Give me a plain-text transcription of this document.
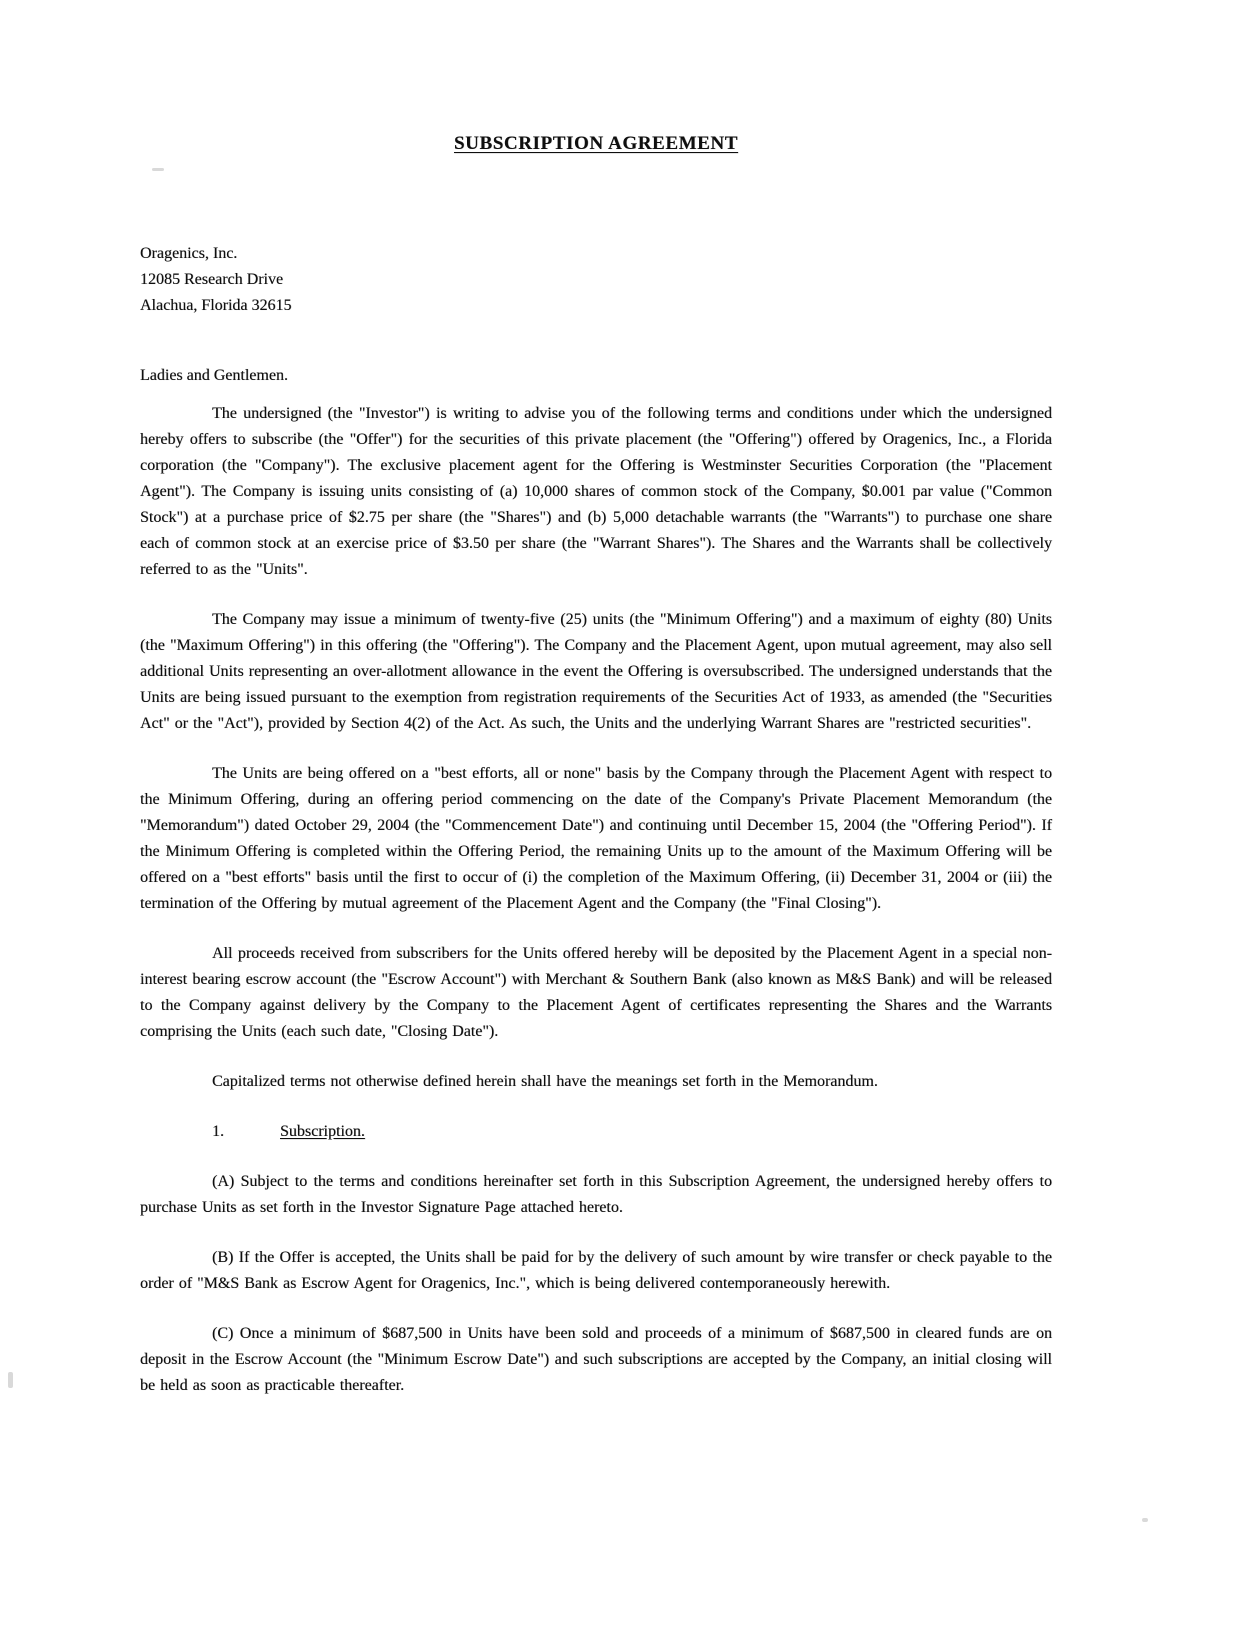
SUBSCRIPTION AGREEMENT
Oragenics, Inc.
12085 Research Drive
Alachua, Florida 32615

Ladies and Gentlemen.

The undersigned (the "Investor") is writing to advise you of the following terms and conditions under which the undersigned hereby offers to subscribe (the "Offer") for the securities of this private placement (the "Offering") offered by Oragenics, Inc., a Florida corporation (the "Company"). The exclusive placement agent for the Offering is Westminster Securities Corporation (the "Placement Agent"). The Company is issuing units consisting of (a) 10,000 shares of common stock of the Company, $0.001 par value ("Common Stock") at a purchase price of $2.75 per share (the "Shares") and (b) 5,000 detachable warrants (the "Warrants") to purchase one share each of common stock at an exercise price of $3.50 per share (the "Warrant Shares"). The Shares and the Warrants shall be collectively referred to as the "Units".

The Company may issue a minimum of twenty-five (25) units (the "Minimum Offering") and a maximum of eighty (80) Units (the "Maximum Offering") in this offering (the "Offering"). The Company and the Placement Agent, upon mutual agreement, may also sell additional Units representing an over-allotment allowance in the event the Offering is oversubscribed. The undersigned understands that the Units are being issued pursuant to the exemption from registration requirements of the Securities Act of 1933, as amended (the "Securities Act" or the "Act"), provided by Section 4(2) of the Act. As such, the Units and the underlying Warrant Shares are "restricted securities".

The Units are being offered on a "best efforts, all or none" basis by the Company through the Placement Agent with respect to the Minimum Offering, during an offering period commencing on the date of the Company's Private Placement Memorandum (the "Memorandum") dated October 29, 2004 (the "Commencement Date") and continuing until December 15, 2004 (the "Offering Period"). If the Minimum Offering is completed within the Offering Period, the remaining Units up to the amount of the Maximum Offering will be offered on a "best efforts" basis until the first to occur of (i) the completion of the Maximum Offering, (ii) December 31, 2004 or (iii) the termination of the Offering by mutual agreement of the Placement Agent and the Company (the "Final Closing").

All proceeds received from subscribers for the Units offered hereby will be deposited by the Placement Agent in a special non-interest bearing escrow account (the "Escrow Account") with Merchant & Southern Bank (also known as M&S Bank) and will be released to the Company against delivery by the Company to the Placement Agent of certificates representing the Shares and the Warrants comprising the Units (each such date, "Closing Date").

Capitalized terms not otherwise defined herein shall have the meanings set forth in the Memorandum.

1.	Subscription.

(A) Subject to the terms and conditions hereinafter set forth in this Subscription Agreement, the undersigned hereby offers to purchase Units as set forth in the Investor Signature Page attached hereto.

(B) If the Offer is accepted, the Units shall be paid for by the delivery of such amount by wire transfer or check payable to the order of "M&S Bank as Escrow Agent for Oragenics, Inc.", which is being delivered contemporaneously herewith.

(C) Once a minimum of $687,500 in Units have been sold and proceeds of a minimum of $687,500 in cleared funds are on deposit in the Escrow Account (the "Minimum Escrow Date") and such subscriptions are accepted by the Company, an initial closing will be held as soon as practicable thereafter.
